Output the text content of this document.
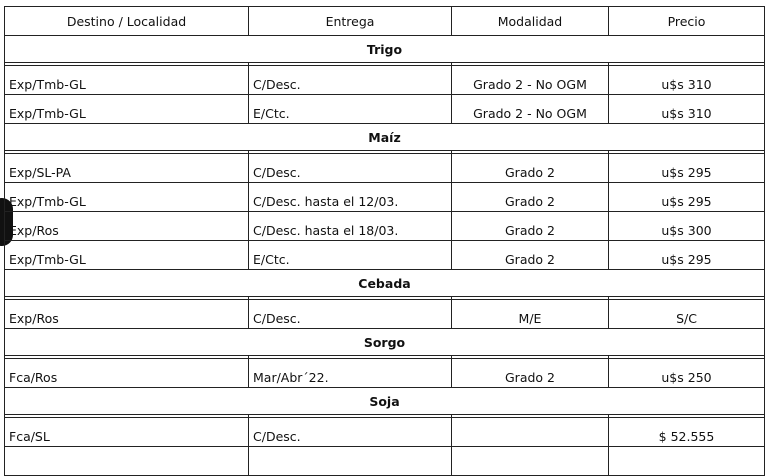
Destino / Localidad	Entrega	Modalidad	Precio
Trigo			

Exp/Tmb-GL	C/Desc.	Grado 2 - No OGM	u$s 310
Exp/Tmb-GL	E/Ctc.	Grado 2 - No OGM	u$s 310
Maíz			

Exp/SL-PA	C/Desc.	Grado 2	u$s 295
Exp/Tmb-GL	C/Desc. hasta el 12/03.	Grado 2	u$s 295
Exp/Ros	C/Desc. hasta el 18/03.	Grado 2	u$s 300
Exp/Tmb-GL	E/Ctc.	Grado 2	u$s 295
Cebada			

Exp/Ros	C/Desc.	M/E	S/C
Sorgo			

Fca/Ros	Mar/Abr´22.	Grado 2	u$s 250
Soja			

Fca/SL	C/Desc.		$ 52.555
